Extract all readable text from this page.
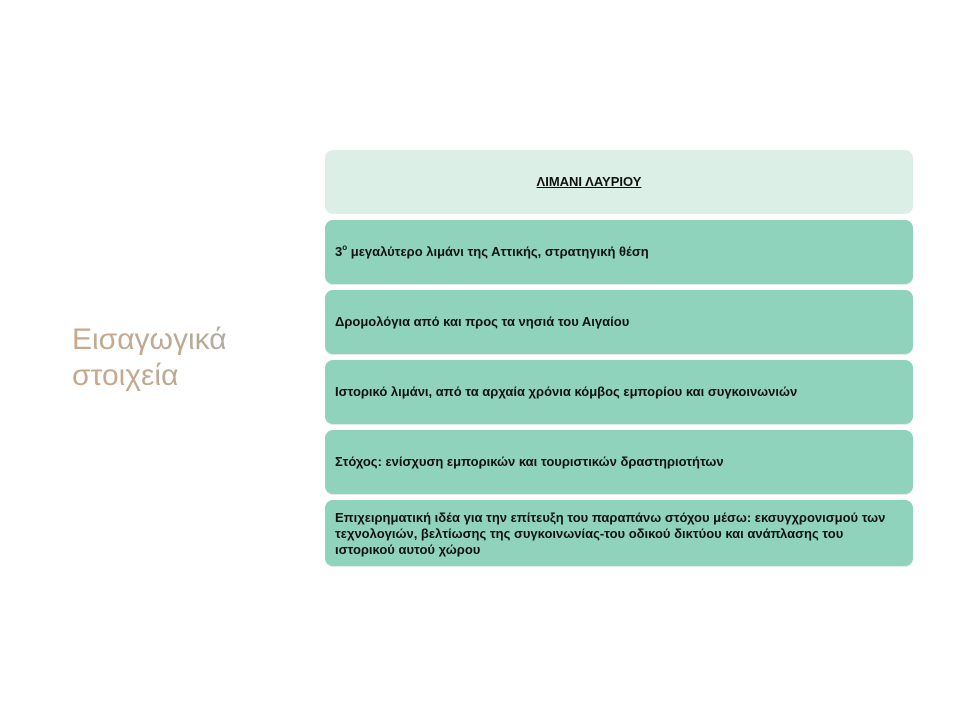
Εισαγωγικά
στοιχεία
ΛΙΜΑΝΙ ΛΑΥΡΙΟΥ
$3^o$ μεγαλύτερο λιμάνι της Αττικής, στρατηγική θέση
Δρομολόγια από και προς τα νησιά του Αιγαίου
Ιστορικό λιμάνι, από τα αρχαία χρόνια κόμβος εμπορίου και συγκοινωνιών
Στόχος: ενίσχυση εμπορικών και τουριστικών δραστηριοτήτων
Επιχειρηματική ιδέα για την επίτευξη του παραπάνω στόχου μέσω: εκσυγχρονισμού των τεχνολογιών, βελτίωσης της συγκοινωνίας-του οδικού δικτύου και ανάπλασης του ιστορικού αυτού χώρου
